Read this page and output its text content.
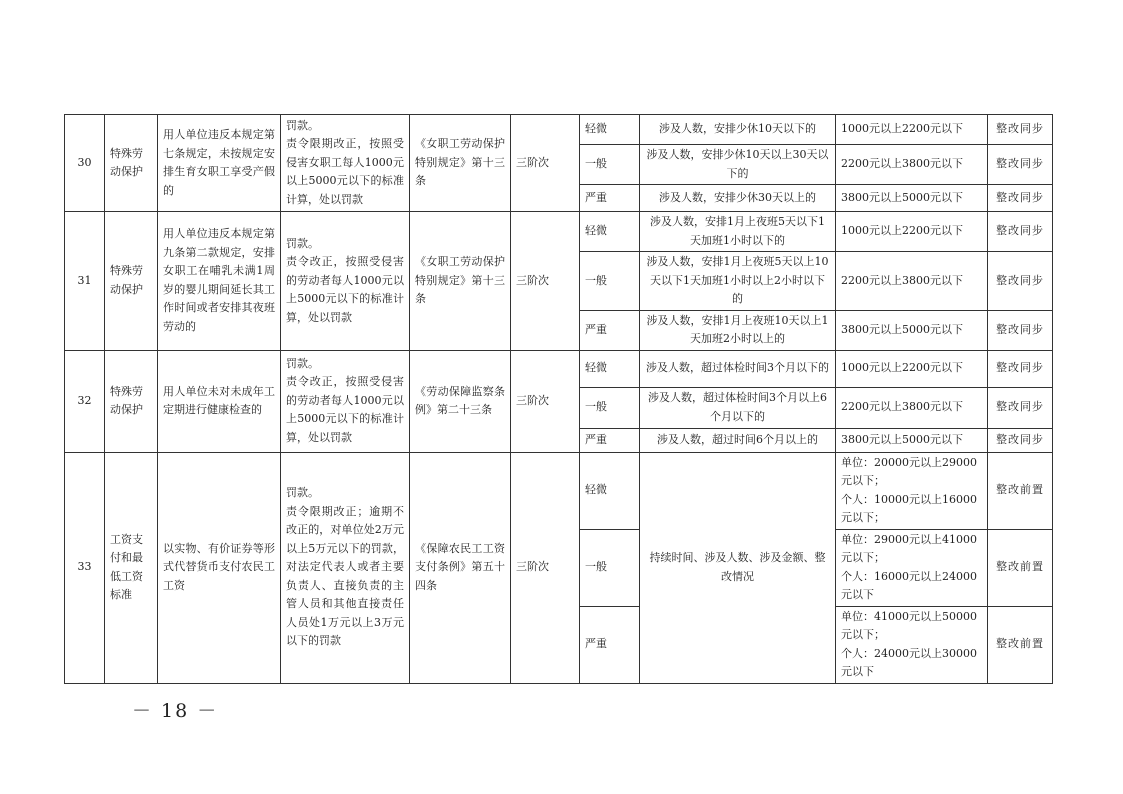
30	特殊劳动保护	用人单位违反本规定第七条规定，未按规定安排生育女职工享受产假的	罚款。
责令限期改正，按照受侵害女职工每人1000元以上5000元以下的标准计算，处以罚款	《女职工劳动保护特别规定》第十三条	三阶次	轻微	涉及人数，安排少休10天以下的	1000元以上2200元以下	整改同步
						一般	涉及人数，安排少休10天以上30天以下的	2200元以上3800元以下	整改同步
						严重	涉及人数，安排少休30天以上的	3800元以上5000元以下	整改同步
31	特殊劳动保护	用人单位违反本规定第九条第二款规定，安排女职工在哺乳未满1周岁的婴儿期间延长其工作时间或者安排其夜班劳动的	罚款。
责令改正，按照受侵害的劳动者每人1000元以上5000元以下的标准计算，处以罚款	《女职工劳动保护特别规定》第十三条	三阶次	轻微	涉及人数，安排1月上夜班5天以下1天加班1小时以下的	1000元以上2200元以下	整改同步
						一般	涉及人数，安排1月上夜班5天以上10天以下1天加班1小时以上2小时以下的	2200元以上3800元以下	整改同步
						严重	涉及人数，安排1月上夜班10天以上1天加班2小时以上的	3800元以上5000元以下	整改同步
32	特殊劳动保护	用人单位未对未成年工定期进行健康检查的	罚款。
责令改正，按照受侵害的劳动者每人1000元以上5000元以下的标准计算，处以罚款	《劳动保障监察条例》第二十三条	三阶次	轻微	涉及人数，超过体检时间3个月以下的	1000元以上2200元以下	整改同步
						一般	涉及人数，超过体检时间3个月以上6个月以下的	2200元以上3800元以下	整改同步
						严重	涉及人数，超过时间6个月以上的	3800元以上5000元以下	整改同步
33	工资支付和最低工资标准	以实物、有价证券等形式代替货币支付农民工工资	罚款。
责令限期改正；逾期不改正的，对单位处2万元以上5万元以下的罚款，对法定代表人或者主要负责人、直接负责的主管人员和其他直接责任人员处1万元以上3万元以下的罚款	《保障农民工工资支付条例》第五十四条	三阶次	轻微	持续时间、涉及人数、涉及金额、整改情况	单位：20000元以上29000元以下；
个人：10000元以上16000元以下；	整改前置
						一般		单位：29000元以上41000元以下；
个人：16000元以上24000元以下	整改前置
						严重		单位：41000元以上50000元以下；
个人：24000元以上30000元以下	整改前置
－ 18 －
